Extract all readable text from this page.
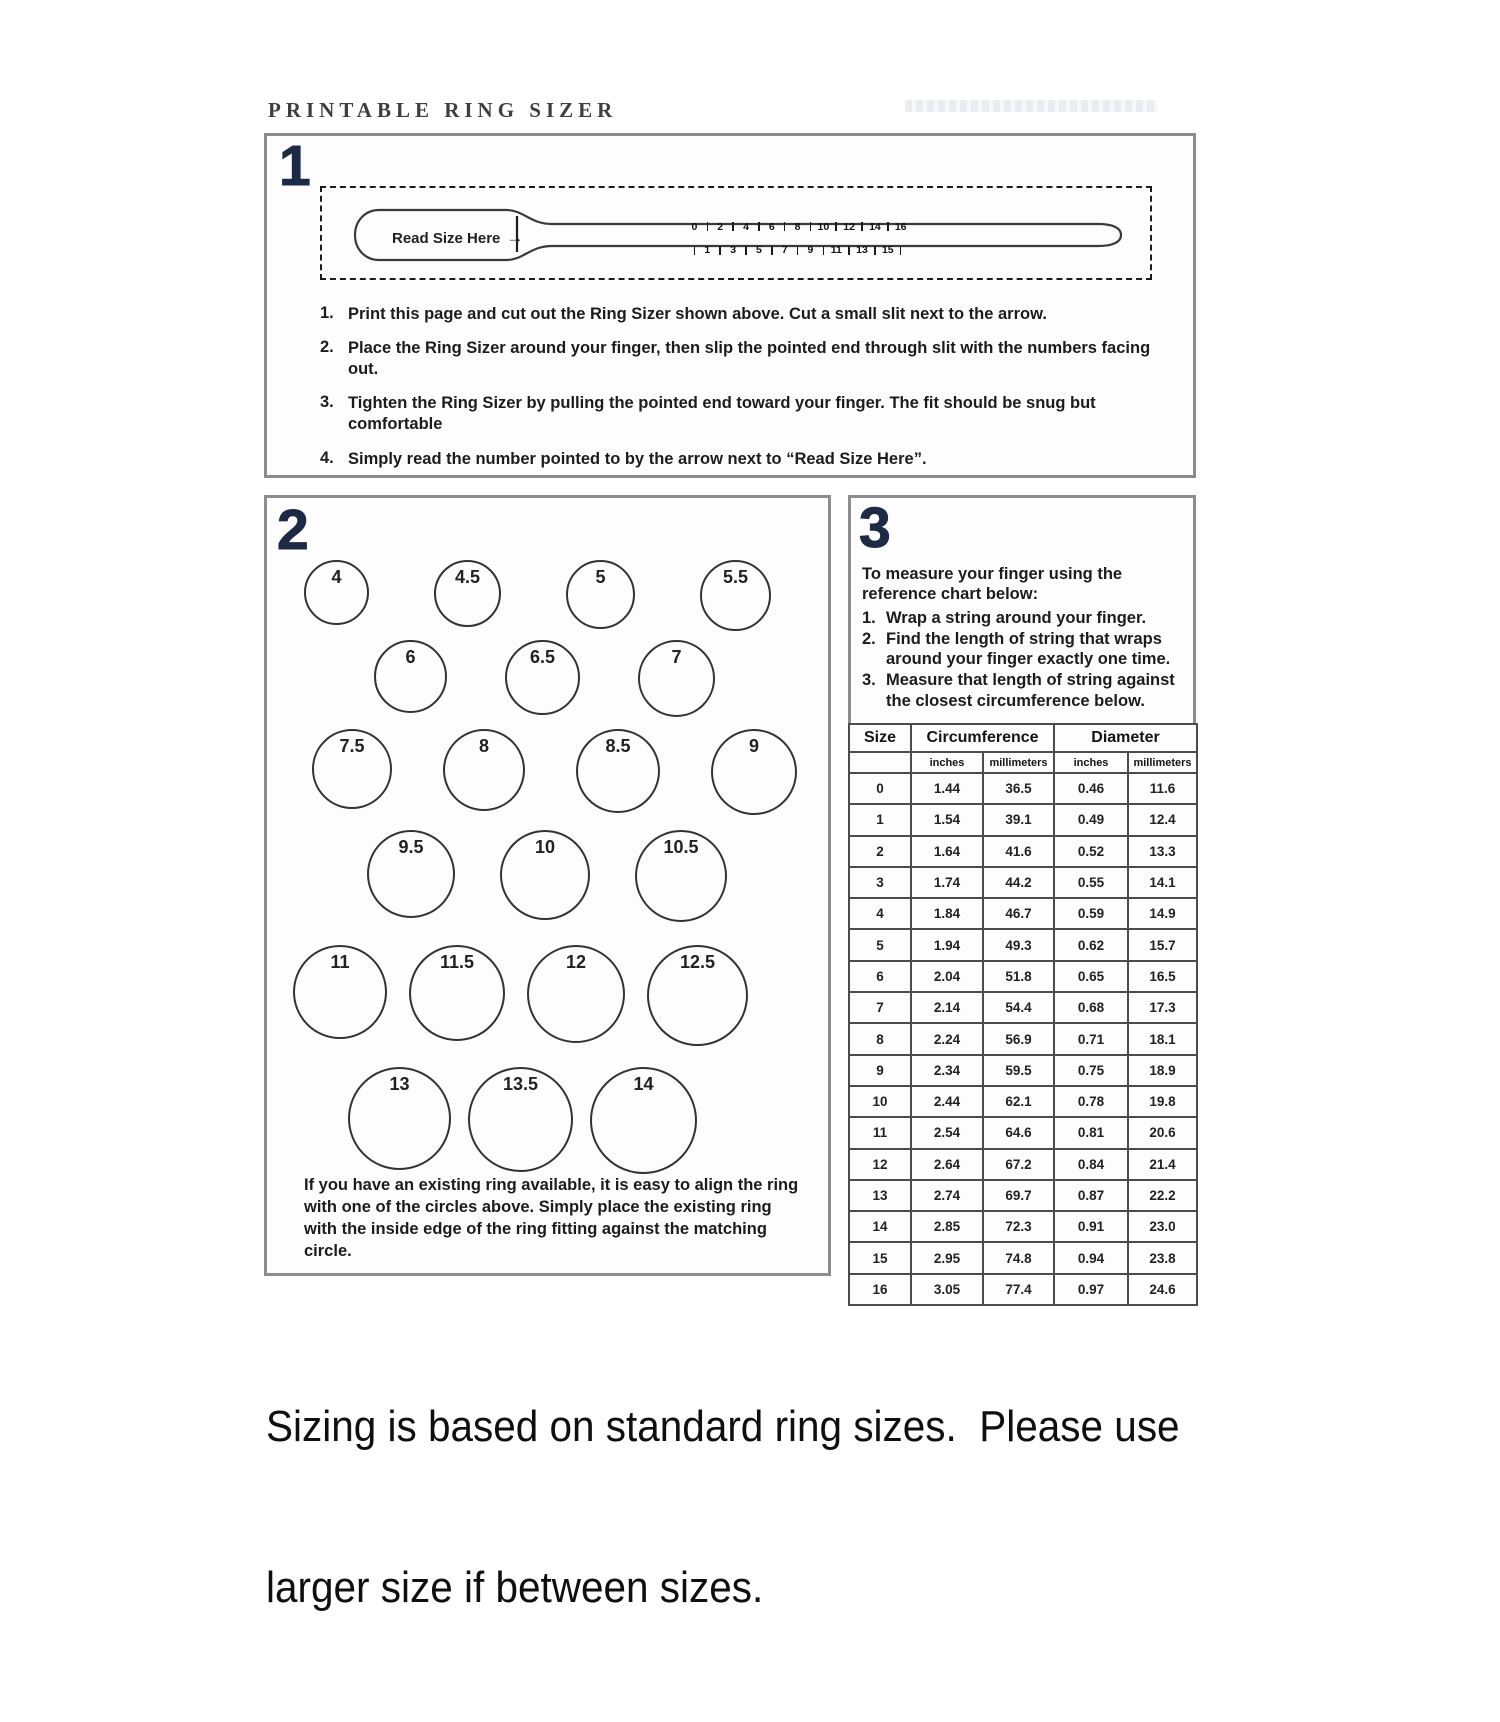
PRINTABLE RING SIZER
1
Read Size Here →
0
1
2
3
4
5
6
7
8
9
10
11
12
13
14
15
16
1. Print this page and cut out the Ring Sizer shown above. Cut a small slit next to the arrow.
2. Place the Ring Sizer around your finger, then slip the pointed end through slit with the numbers facing out.
3. Tighten the Ring Sizer by pulling the pointed end toward your finger. The fit should be snug but comfortable
4. Simply read the number pointed to by the arrow next to “Read Size Here”.
2
4	4.5	5	5.5
6	6.5	7
7.5	8	8.5	9
9.5	10	10.5
11	11.5	12	12.5
13	13.5	14
If you have an existing ring available, it is easy to align the ring with one of the circles above. Simply place the existing ring with the inside edge of the ring fitting against the matching circle.
3
To measure your finger using the reference chart below:
1. Wrap a string around your finger.
2. Find the length of string that wraps around your finger exactly one time.
3. Measure that length of string against the closest circumference below.
Size	Circumference		Diameter	
	inches	millimeters	inches	millimeters
0	1.44	36.5	0.46	11.6
1	1.54	39.1	0.49	12.4
2	1.64	41.6	0.52	13.3
3	1.74	44.2	0.55	14.1
4	1.84	46.7	0.59	14.9
5	1.94	49.3	0.62	15.7
6	2.04	51.8	0.65	16.5
7	2.14	54.4	0.68	17.3
8	2.24	56.9	0.71	18.1
9	2.34	59.5	0.75	18.9
10	2.44	62.1	0.78	19.8
11	2.54	64.6	0.81	20.6
12	2.64	67.2	0.84	21.4
13	2.74	69.7	0.87	22.2
14	2.85	72.3	0.91	23.0
15	2.95	74.8	0.94	23.8
16	3.05	77.4	0.97	24.6

Sizing is based on standard ring sizes.  Please use

larger size if between sizes.
